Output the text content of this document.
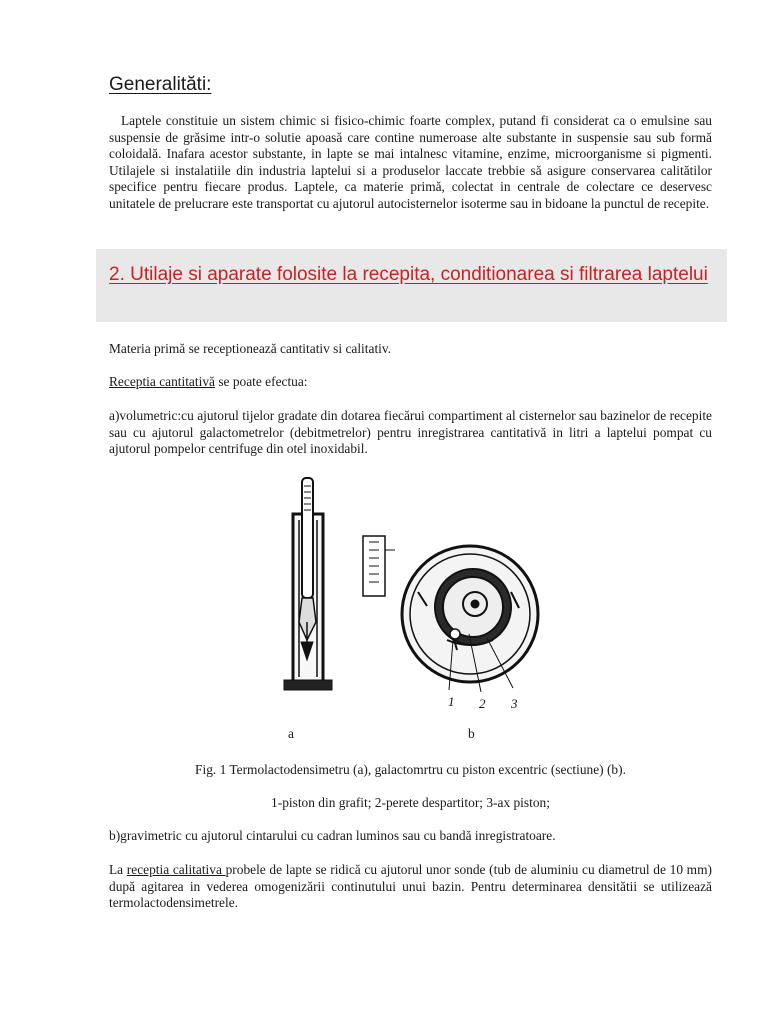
Generalităti:

Laptele constituie un sistem chimic si fisico-chimic foarte complex, putand fi considerat ca o emulsine sau suspensie de grăsime intr-o solutie apoasă care contine numeroase alte substante in suspensie sau sub formă coloidală. Inafara acestor substante, in lapte se mai intalnesc vitamine, enzime, microorganisme si pigmenti. Utilajele si instalatiile din industria laptelui si a produselor laccate trebbie să asigure conservarea calitătilor specifice pentru fiecare produs. Laptele, ca materie primă, colectat in centrale de colectare ce deservesc unitatele de prelucrare este transportat cu ajutorul autocisternelor isoterme sau in bidoane la punctul de recepite.

2. Utilaje si aparate folosite la recepita, conditionarea si filtrarea laptelui

Materia primă se receptionează cantitativ si calitativ.

Receptia cantitativă se poate efectua:

a)volumetric:cu ajutorul tijelor gradate din dotarea fiecărui compartiment al cisternelor sau bazinelor de recepite sau cu ajutorul galactometrelor (debitmetrelor) pentru inregistrarea cantitativă in litri a laptelui pompat cu ajutorul pompelor centrifuge din otel inoxidabil.

1 2 3
a	b

Fig. 1 Termolactodensimetru (a), galactomrtru cu piston excentric (sectiune) (b).

1-piston din grafit; 2-perete despartitor; 3-ax piston;

b)gravimetric cu ajutorul cintarului cu cadran luminos sau cu bandă inregistratoare.

La receptia calitativa probele de lapte se ridică cu ajutorul unor sonde (tub de aluminiu cu diametrul de 10 mm) după agitarea in vederea omogenizării continutului unui bazin. Pentru determinarea densitătii se utilizează termolactodensimetrele.
